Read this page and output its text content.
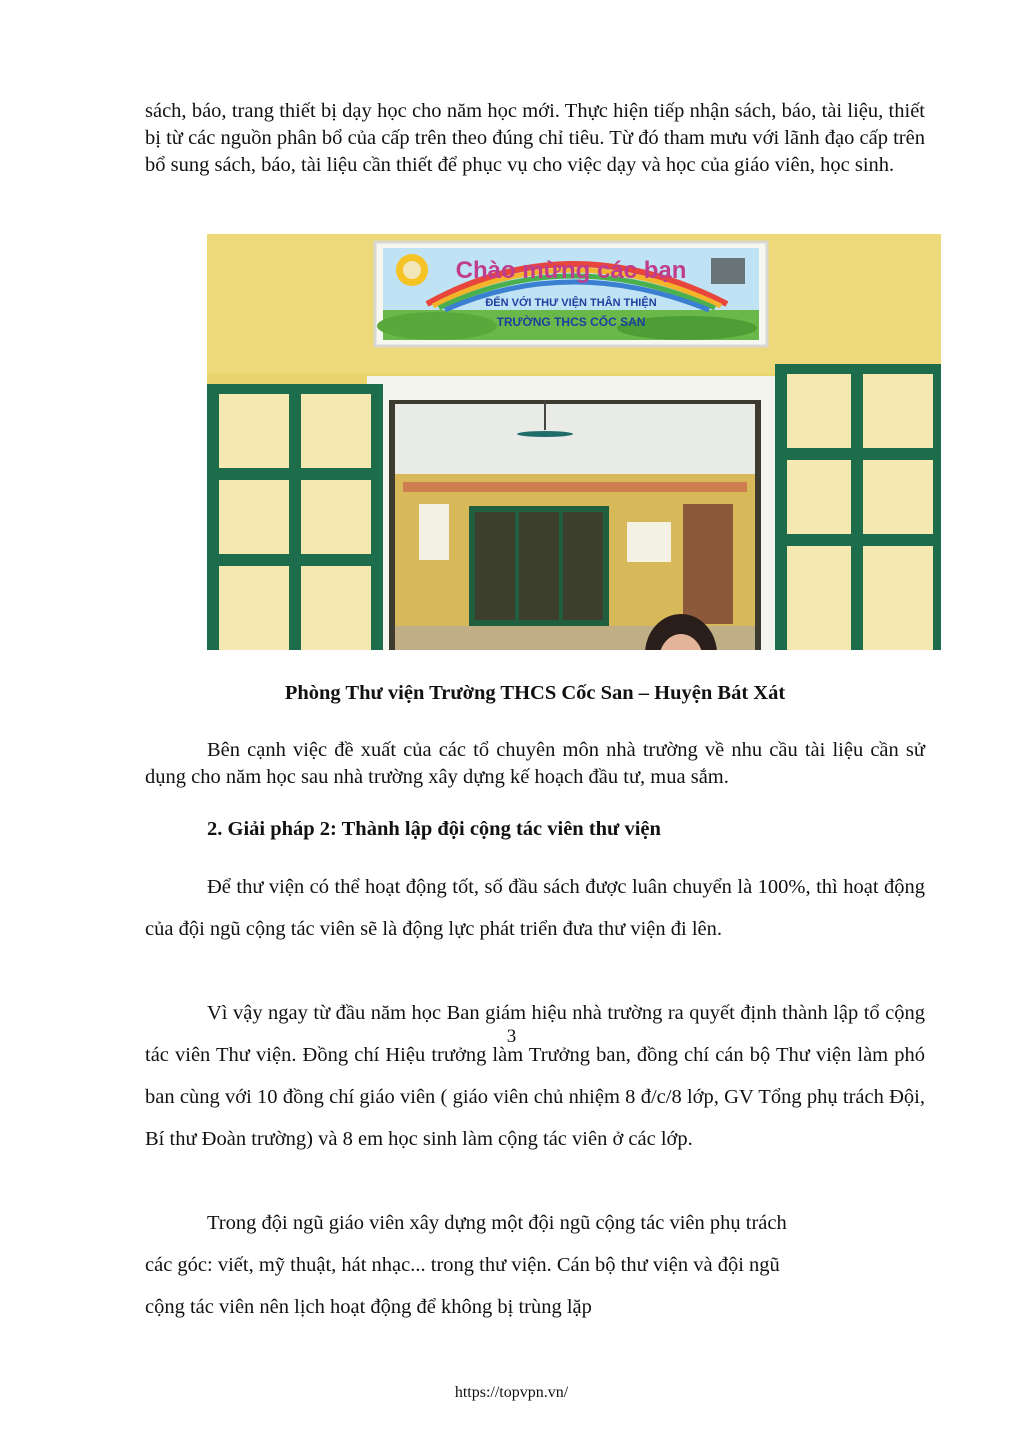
sách, báo, trang thiết bị dạy học cho năm học mới. Thực hiện tiếp nhận sách, báo, tài liệu, thiết bị từ các nguồn phân bổ của cấp trên theo đúng chỉ tiêu. Từ đó tham mưu với lãnh đạo cấp trên bổ sung sách, báo, tài liệu cần thiết để phục vụ cho việc dạy và học của giáo viên, học sinh.
Chào mừng các bạn
ĐẾN VỚI THƯ VIỆN THÂN THIỆN
TRƯỜNG THCS CỐC SAN
Phòng Thư viện Trường THCS Cốc San – Huyện Bát Xát
Bên cạnh việc đề xuất của các tổ chuyên môn nhà trường về nhu cầu tài liệu cần sử dụng cho năm học sau nhà trường xây dựng kế hoạch đầu tư, mua sắm.
2. Giải pháp 2: Thành lập đội cộng tác viên thư viện
Để thư viện có thể hoạt động tốt, số đầu sách được luân chuyển là 100%, thì hoạt động của đội ngũ cộng tác viên sẽ là động lực phát triển đưa thư viện đi lên.
Vì vậy ngay từ đầu năm học Ban giám hiệu nhà trường ra quyết định thành lập tổ cộng tác viên Thư viện. Đồng chí Hiệu trưởng làm Trưởng ban, đồng chí cán bộ Thư viện làm phó ban cùng với 10 đồng chí giáo viên ( giáo viên chủ nhiệm 8 đ/c/8 lớp, GV Tổng phụ trách Đội, Bí thư Đoàn trường) và 8 em học sinh làm cộng tác viên ở các lớp.
Trong đội ngũ giáo viên xây dựng một đội ngũ cộng tác viên phụ trách
các góc: viết, mỹ thuật, hát nhạc... trong thư viện. Cán bộ thư viện và đội ngũ
cộng tác viên nên lịch hoạt động để không bị trùng lặp
3
https://topvpn.vn/
